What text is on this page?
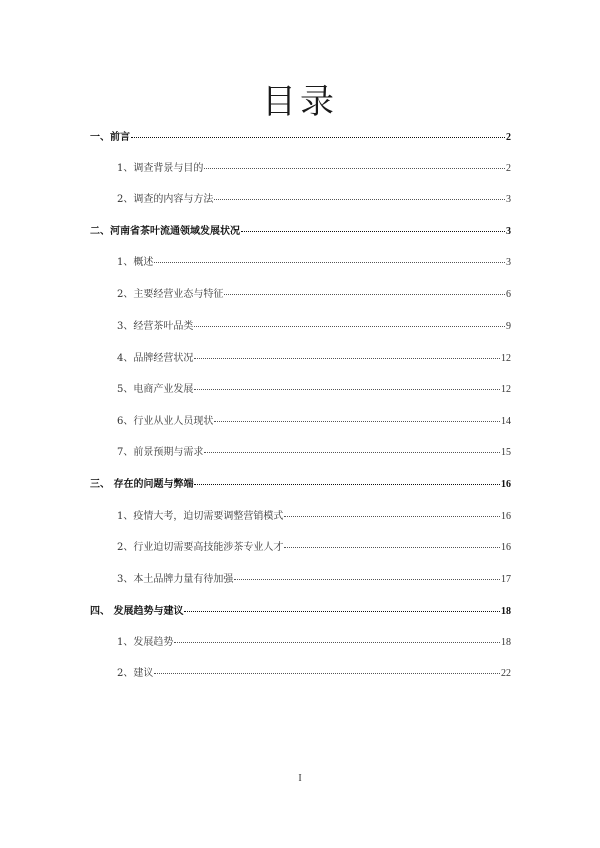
目录
一、前言	2
1、调查背景与目的	2
2、调查的内容与方法	3
二、河南省茶叶流通领域发展状况	3
1、概述	3
2、主要经营业态与特征	6
3、经营茶叶品类	9
4、品牌经营状况	12
5、电商产业发展	12
6、行业从业人员现状	14
7、前景预期与需求	15
三、 存在的问题与弊端	16
1、疫情大考，迫切需要调整营销模式	16
2、行业迫切需要高技能涉茶专业人才	16
3、本土品牌力量有待加强	17
四、 发展趋势与建议	18
1、发展趋势	18
2、建议	22
I
